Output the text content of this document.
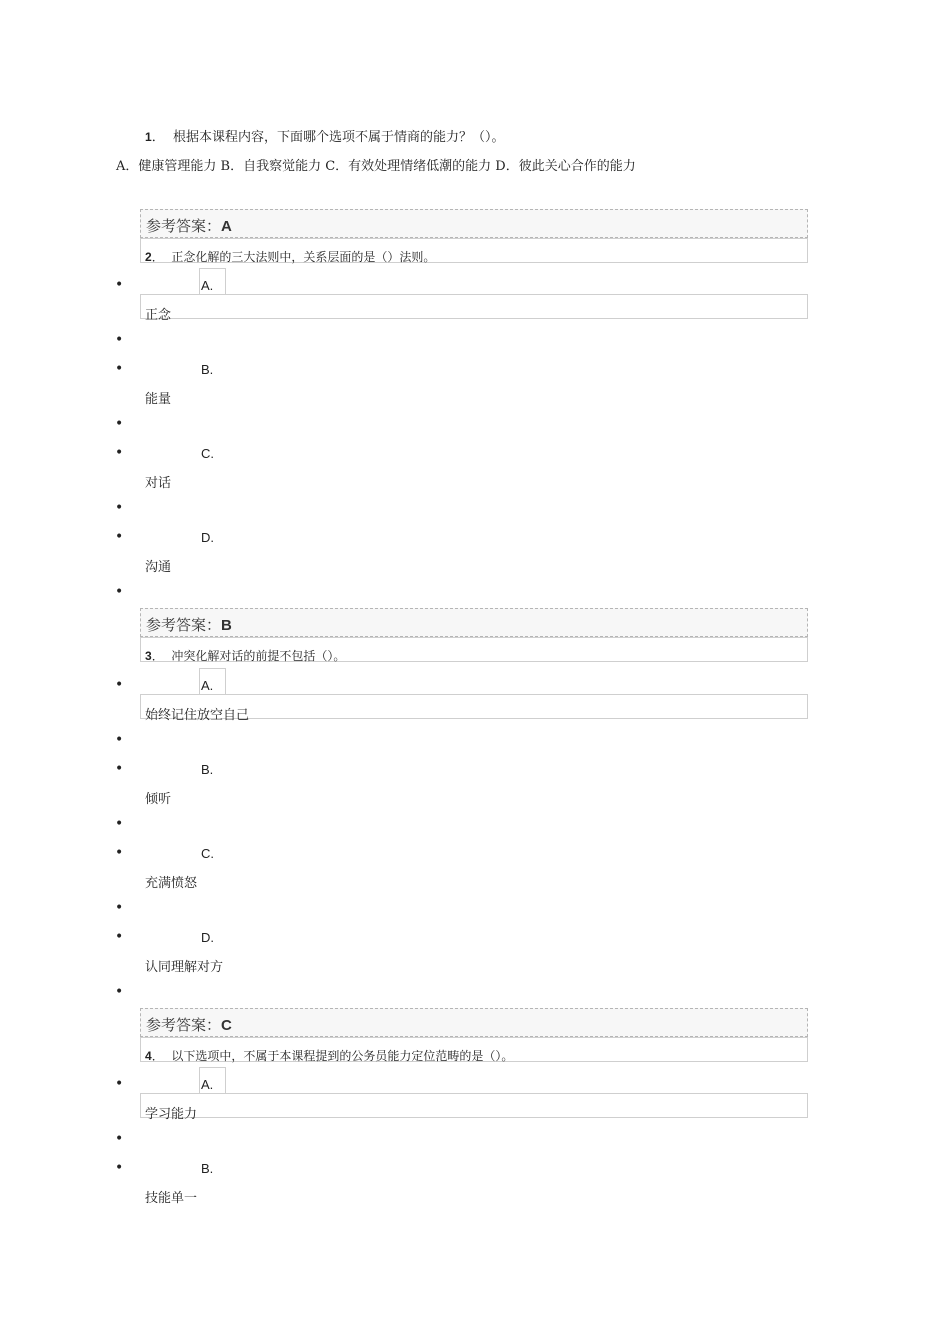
1． 根据本课程内容，下面哪个选项不属于情商的能力？（）。
A．健康管理能力 B．自我察觉能力 C．有效处理情绪低潮的能力 D．彼此关心合作的能力
参考答案：A
2． 正念化解的三大法则中，关系层面的是（）法则。
•	A.
正念
•
•	B.
能量
•
•	C.
对话
•
•	D.
沟通
•
参考答案：B
3． 冲突化解对话的前提不包括（）。
•	A.
始终记住放空自己
•
•	B.
倾听
•
•	C.
充满愤怒
•
•	D.
认同理解对方
•
参考答案：C
4． 以下选项中，不属于本课程提到的公务员能力定位范畴的是（）。
•	A.
学习能力
•
•	B.
技能单一
